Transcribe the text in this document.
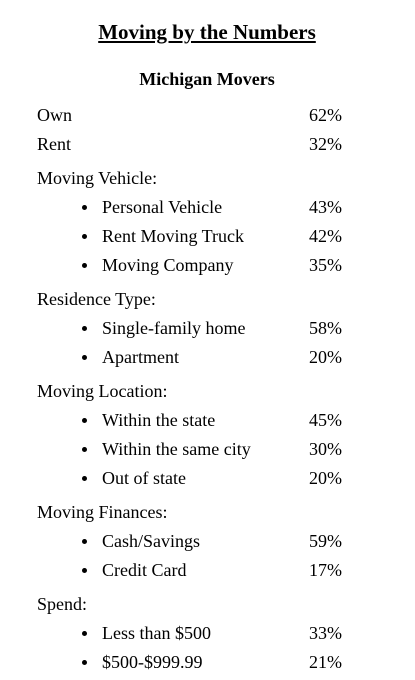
Moving by the Numbers
Michigan Movers
Own	62%
Rent	32%
Moving Vehicle:
Personal Vehicle	43%
Rent Moving Truck	42%
Moving Company	35%
Residence Type:
Single-family home	58%
Apartment	20%
Moving Location:
Within the state	45%
Within the same city	30%
Out of state	20%
Moving Finances:
Cash/Savings	59%
Credit Card	17%
Spend:
Less than $500	33%
$500-$999.99	21%
